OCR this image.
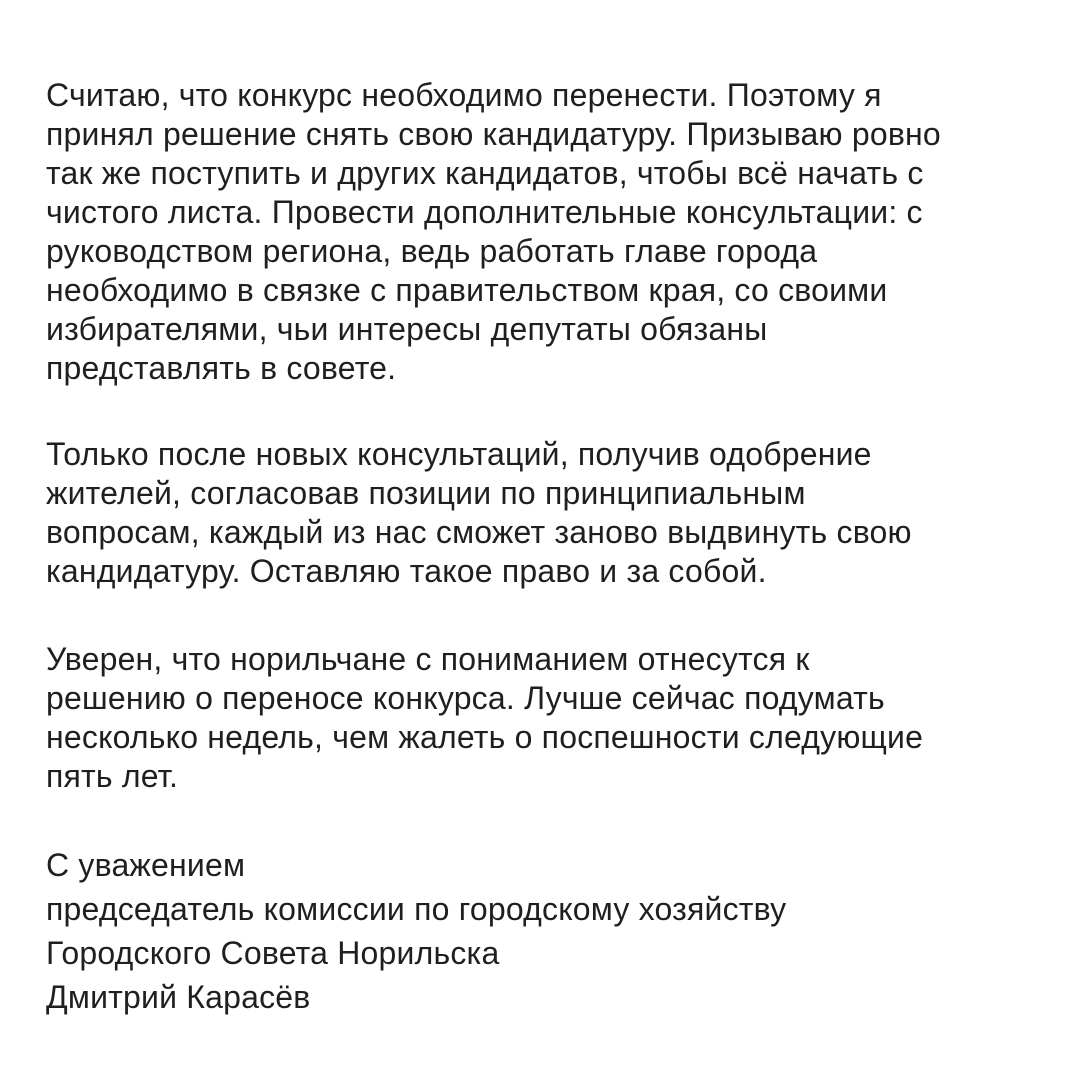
Считаю, что конкурс необходимо перенести. Поэтому я
принял решение снять свою кандидатуру. Призываю ровно
так же поступить и других кандидатов, чтобы всё начать с
чистого листа. Провести дополнительные консультации: с
руководством региона, ведь работать главе города
необходимо в связке с правительством края, со своими
избирателями, чьи интересы депутаты обязаны
представлять в совете.
Только после новых консультаций, получив одобрение
жителей, согласовав позиции по принципиальным
вопросам, каждый из нас сможет заново выдвинуть свою
кандидатуру. Оставляю такое право и за собой.
Уверен, что норильчане с пониманием отнесутся к
решению о переносе конкурса. Лучше сейчас подумать
несколько недель, чем жалеть о поспешности следующие
пять лет.
С уважением
председатель комиссии по городскому хозяйству
Городского Совета Норильска
Дмитрий Карасёв
